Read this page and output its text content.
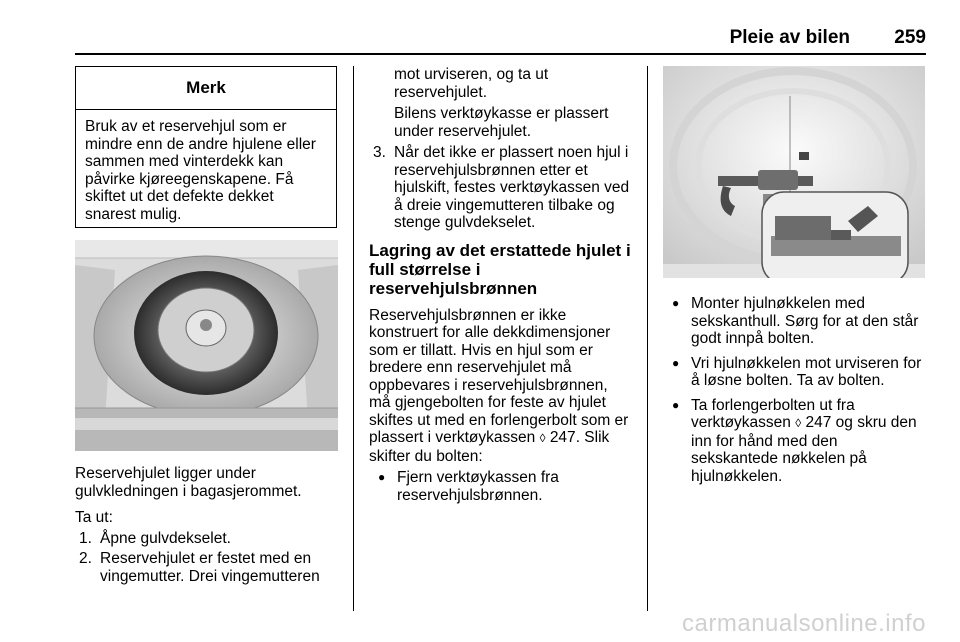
Pleie av bilen 259
Merk
Bruk av et reservehjul som er mindre enn de andre hjulene eller sammen med vinterdekk kan påvirke kjøreegenskapene. Få skiftet ut det defekte dekket snarest mulig.

Reservehjulet ligger under gulvkledningen i bagasjerommet.

Ta ut:

1. Åpne gulvdekselet.
2. Reservehjulet er festet med en vingemutter. Drei vingemutteren
mot urviseren, og ta ut reservehjulet.
Bilens verktøykasse er plassert under reservehjulet.
3. Når det ikke er plassert noen hjul i reservehjulsbrønnen etter et hjulskift, festes verktøykassen ved å dreie vingemutteren tilbake og stenge gulvdekselet.
Lagring av det erstattede hjulet i full størrelse i reservehjulsbrønnen

Reservehjulsbrønnen er ikke konstruert for alle dekkdimensjoner som er tillatt. Hvis en hjul som er bredere enn reservehjulet må oppbevares i reservehjulsbrønnen, må gjengebolten for feste av hjulet skiftes ut med en forlengerbolt som er plassert i verktøykassen ◊ 247. Slik skifter du bolten:

● Fjern verktøykassen fra reservehjulsbrønnen.
● Monter hjulnøkkelen med sekskanthull. Sørg for at den står godt innpå bolten.
● Vri hjulnøkkelen mot urviseren for å løsne bolten. Ta av bolten.
● Ta forlengerbolten ut fra verktøykassen ◊ 247 og skru den inn for hånd med den sekskantede nøkkelen på hjulnøkkelen.
carmanualsonline.info
